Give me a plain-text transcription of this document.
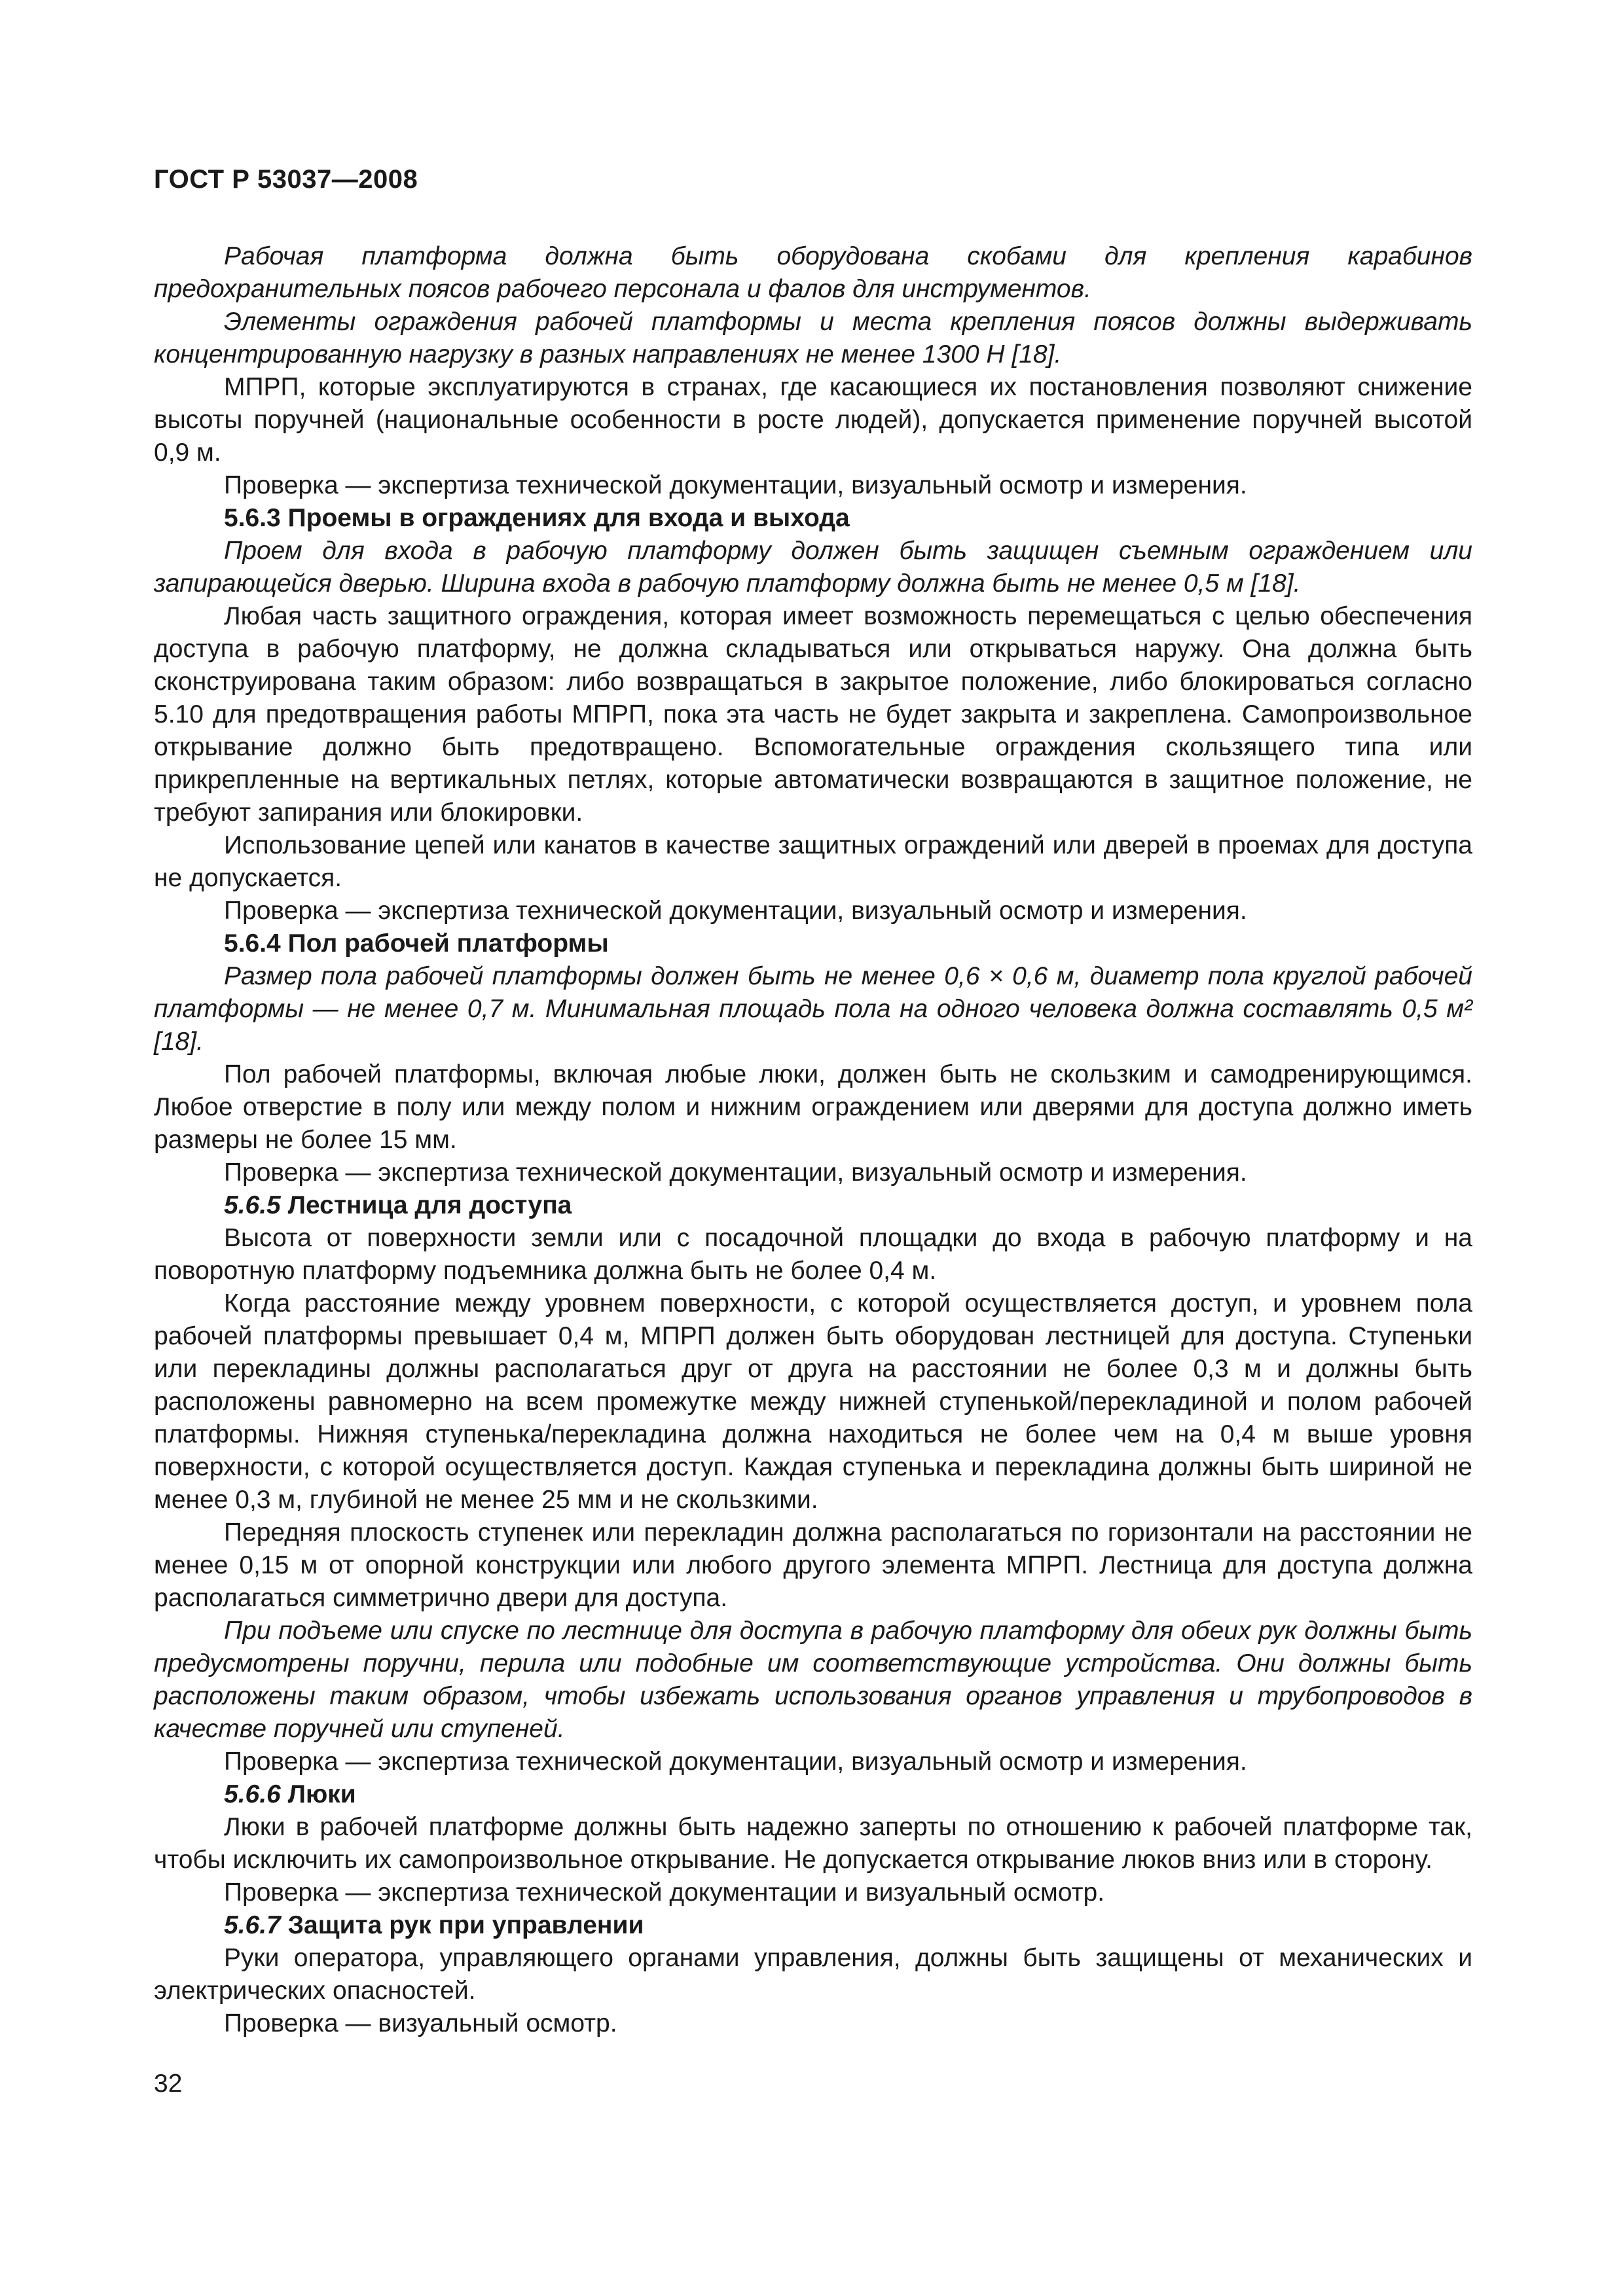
ГОСТ Р 53037—2008

Рабочая платформа должна быть оборудована скобами для крепления карабинов предохранительных поясов рабочего персонала и фалов для инструментов.

Элементы ограждения рабочей платформы и места крепления поясов должны выдерживать концентрированную нагрузку в разных направлениях не менее 1300 Н [18].

МПРП, которые эксплуатируются в странах, где касающиеся их постановления позволяют снижение высоты поручней (национальные особенности в росте людей), допускается применение поручней высотой 0,9 м.

Проверка — экспертиза технической документации, визуальный осмотр и измерения.

5.6.3 Проемы в ограждениях для входа и выхода

Проем для входа в рабочую платформу должен быть защищен съемным ограждением или запирающейся дверью. Ширина входа в рабочую платформу должна быть не менее 0,5 м [18].

Любая часть защитного ограждения, которая имеет возможность перемещаться с целью обеспечения доступа в рабочую платформу, не должна складываться или открываться наружу. Она должна быть сконструирована таким образом: либо возвращаться в закрытое положение, либо блокироваться согласно 5.10 для предотвращения работы МПРП, пока эта часть не будет закрыта и закреплена. Самопроизвольное открывание должно быть предотвращено. Вспомогательные ограждения скользящего типа или прикрепленные на вертикальных петлях, которые автоматически возвращаются в защитное положение, не требуют запирания или блокировки.

Использование цепей или канатов в качестве защитных ограждений или дверей в проемах для доступа не допускается.

Проверка — экспертиза технической документации, визуальный осмотр и измерения.

5.6.4 Пол рабочей платформы

Размер пола рабочей платформы должен быть не менее 0,6 × 0,6 м, диаметр пола круглой рабочей платформы — не менее 0,7 м. Минимальная площадь пола на одного человека должна составлять 0,5 м² [18].

Пол рабочей платформы, включая любые люки, должен быть не скользким и самодренирующимся. Любое отверстие в полу или между полом и нижним ограждением или дверями для доступа должно иметь размеры не более 15 мм.

Проверка — экспертиза технической документации, визуальный осмотр и измерения.

5.6.5 Лестница для доступа

Высота от поверхности земли или с посадочной площадки до входа в рабочую платформу и на поворотную платформу подъемника должна быть не более 0,4 м.

Когда расстояние между уровнем поверхности, с которой осуществляется доступ, и уровнем пола рабочей платформы превышает 0,4 м, МПРП должен быть оборудован лестницей для доступа. Ступеньки или перекладины должны располагаться друг от друга на расстоянии не более 0,3 м и должны быть расположены равномерно на всем промежутке между нижней ступенькой/перекладиной и полом рабочей платформы. Нижняя ступенька/перекладина должна находиться не более чем на 0,4 м выше уровня поверхности, с которой осуществляется доступ. Каждая ступенька и перекладина должны быть шириной не менее 0,3 м, глубиной не менее 25 мм и не скользкими.

Передняя плоскость ступенек или перекладин должна располагаться по горизонтали на расстоянии не менее 0,15 м от опорной конструкции или любого другого элемента МПРП. Лестница для доступа должна располагаться симметрично двери для доступа.

При подъеме или спуске по лестнице для доступа в рабочую платформу для обеих рук должны быть предусмотрены поручни, перила или подобные им соответствующие устройства. Они должны быть расположены таким образом, чтобы избежать использования органов управления и трубопроводов в качестве поручней или ступеней.

Проверка — экспертиза технической документации, визуальный осмотр и измерения.

5.6.6 Люки

Люки в рабочей платформе должны быть надежно заперты по отношению к рабочей платформе так, чтобы исключить их самопроизвольное открывание. Не допускается открывание люков вниз или в сторону.

Проверка — экспертиза технической документации и визуальный осмотр.

5.6.7 Защита рук при управлении

Руки оператора, управляющего органами управления, должны быть защищены от механических и электрических опасностей.

Проверка — визуальный осмотр.

32
